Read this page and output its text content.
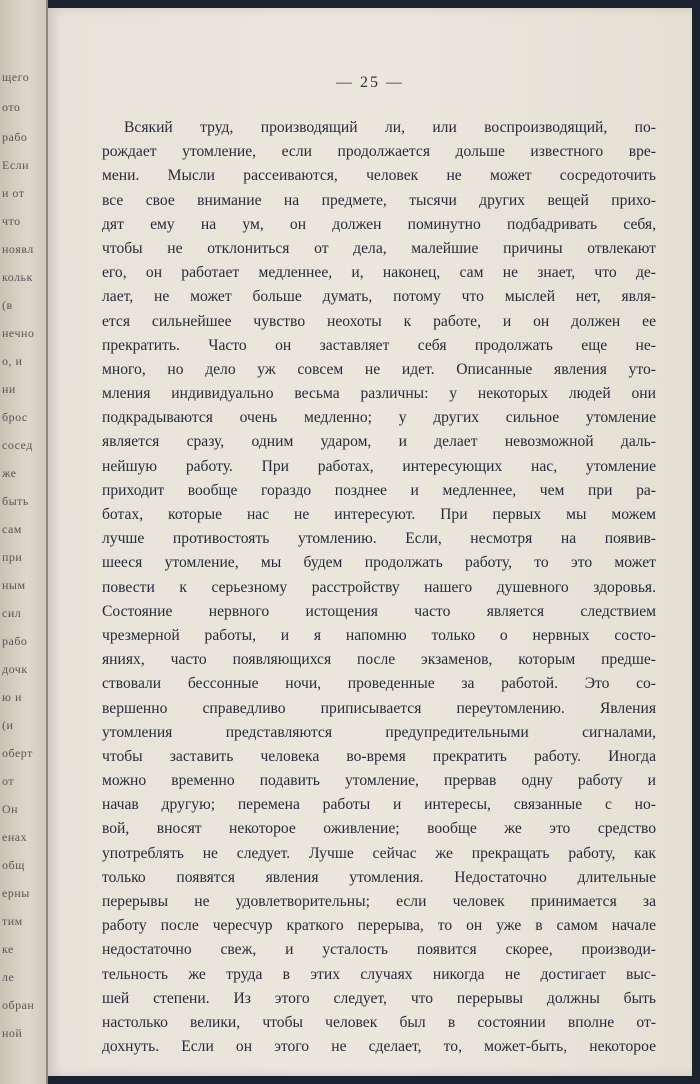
щего
ото
рабо
Если
и от
что
ноявл
кольк
(в
нечно
о, и
ни
брос
сосед
же
быть
сам
при
ным
сил
рабо
дочк
ю и
(и
оберт
от
Он
енах
общ
ерны
тим
ке
ле
обран
ной
— 25 —
Всякий труд, производящий ли, или воспроизводящий, по-
рождает утомление, если продолжается дольше известного вре-
мени. Мысли рассеиваются, человек не может сосредоточить
все свое внимание на предмете, тысячи других вещей прихо-
дят ему на ум, он должен поминутно подбадривать себя,
чтобы не отклониться от дела, малейшие причины отвлекают
его, он работает медленнее, и, наконец, сам не знает, что де-
лает, не может больше думать, потому что мыслей нет, явля-
ется сильнейшее чувство неохоты к работе, и он должен ее
прекратить. Часто он заставляет себя продолжать еще не-
много, но дело уж совсем не идет. Описанные явления уто-
мления индивидуально весьма различны: у некоторых людей они
подкрадываются очень медленно; у других сильное утомление
является сразу, одним ударом, и делает невозможной даль-
нейшую работу. При работах, интересующих нас, утомление
приходит вообще гораздо позднее и медленнее, чем при ра-
ботах, которые нас не интересуют. При первых мы можем
лучше противостоять утомлению. Если, несмотря на появив-
шееся утомление, мы будем продолжать работу, то это может
повести к серьезному расстройству нашего душевного здоровья.
Состояние нервного истощения часто является следствием
чрезмерной работы, и я напомню только о нервных состо-
яниях, часто появляющихся после экзаменов, которым предше-
ствовали бессонные ночи, проведенные за работой. Это со-
вершенно справедливо приписывается переутомлению. Явления
утомления представляются предупредительными сигналами,
чтобы заставить человека во-время прекратить работу. Иногда
можно временно подавить утомление, прервав одну работу и
начав другую; перемена работы и интересы, связанные с но-
вой, вносят некоторое оживление; вообще же это средство
употреблять не следует. Лучше сейчас же прекращать работу, как
только появятся явления утомления. Недостаточно длительные
перерывы не удовлетворительны; если человек принимается за
работу после чересчур краткого перерыва, то он уже в самом начале
недостаточно свеж, и усталость появится скорее, производи-
тельность же труда в этих случаях никогда не достигает выс-
шей степени. Из этого следует, что перерывы должны быть
настолько велики, чтобы человек был в состоянии вполне от-
дохнуть. Если он этого не сделает, то, может-быть, некоторое
